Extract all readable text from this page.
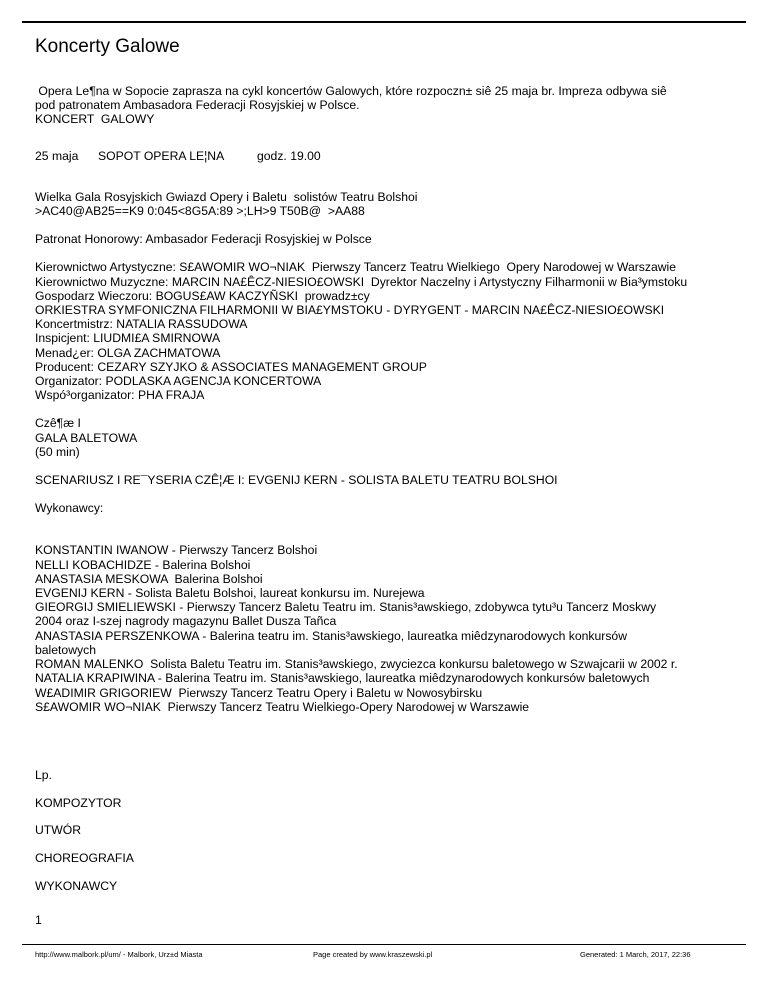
Koncerty Galowe

Opera Le¶na w Sopocie zaprasza na cykl koncertów Galowych, które rozpoczn± siê 25 maja br. Impreza odbywa siê

pod patronatem Ambasadora Federacji Rosyjskiej w Polsce.

KONCERT  GALOWY

25 maja	SOPOT OPERA LE¦NA	godz. 19.00

Wielka Gala Rosyjskich Gwiazd Opery i Baletu  solistów Teatru Bolshoi

>AC40@AB25==K9 0:045<8G5A:89 >;LH>9 T50B@  >AA88

Patronat Honorowy: Ambasador Federacji Rosyjskiej w Polsce

Kierownictwo Artystyczne: S£AWOMIR WO¬NIAK  Pierwszy Tancerz Teatru Wielkiego  Opery Narodowej w Warszawie

Kierownictwo Muzyczne: MARCIN NA£ÊCZ-NIESIO£OWSKI  Dyrektor Naczelny i Artystyczny Filharmonii w Bia³ymstoku

Gospodarz Wieczoru: BOGUS£AW KACZYÑSKI  prowadz±cy

ORKIESTRA SYMFONICZNA FILHARMONII W BIA£YMSTOKU - DYRYGENT - MARCIN NA£ÊCZ-NIESIO£OWSKI

Koncertmistrz: NATALIA RASSUDOWA

Inspicjent: LIUDMI£A SMIRNOWA

Menad¿er: OLGA ZACHMATOWA

Producent: CEZARY SZYJKO & ASSOCIATES MANAGEMENT GROUP

Organizator: PODLASKA AGENCJA KONCERTOWA

Wspó³organizator: PHA FRAJA

Czê¶æ I

GALA BALETOWA

(50 min)

SCENARIUSZ I RE¯YSERIA CZÊ¦Æ I: EVGENIJ KERN - SOLISTA BALETU TEATRU BOLSHOI

Wykonawcy:

KONSTANTIN IWANOW - Pierwszy Tancerz Bolshoi

NELLI KOBACHIDZE - Balerina Bolshoi

ANASTASIA MESKOWA  Balerina Bolshoi

EVGENIJ KERN - Solista Baletu Bolshoi, laureat konkursu im. Nurejewa

GIEORGIJ SMIELIEWSKI - Pierwszy Tancerz Baletu Teatru im. Stanis³awskiego, zdobywca tytu³u Tancerz Moskwy

2004 oraz I-szej nagrody magazynu Ballet Dusza Tañca

ANASTASIA PERSZENKOWA - Balerina teatru im. Stanis³awskiego, laureatka miêdzynarodowych konkursów

baletowych

ROMAN MALENKO  Solista Baletu Teatru im. Stanis³awskiego, zwyciezca konkursu baletowego w Szwajcarii w 2002 r.

NATALIA KRAPIWINA - Balerina Teatru im. Stanis³awskiego, laureatka miêdzynarodowych konkursów baletowych

W£ADIMIR GRIGORIEW  Pierwszy Tancerz Teatru Opery i Baletu w Nowosybirsku

S£AWOMIR WO¬NIAK  Pierwszy Tancerz Teatru Wielkiego-Opery Narodowej w Warszawie

Lp.
KOMPOZYTOR
UTWÓR
CHOREOGRAFIA
WYKONAWCY
1
http://www.malbork.pl/um/ - Malbork, Urz±d Miasta	Page created by www.kraszewski.pl	Generated: 1 March, 2017, 22:36
